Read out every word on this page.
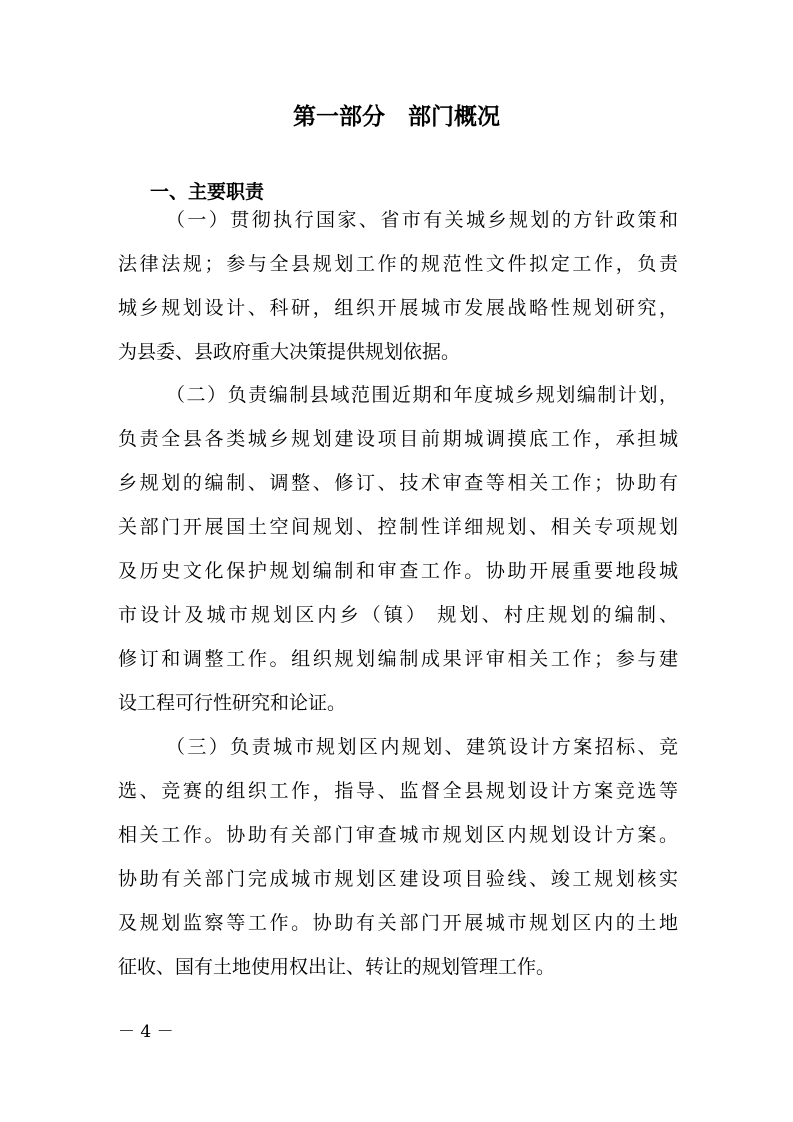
第一部分　部门概况
一、主要职责
（一）贯彻执行国家、省市有关城乡规划的方针政策和
法律法规；参与全县规划工作的规范性文件拟定工作，负责
城乡规划设计、科研，组织开展城市发展战略性规划研究，
为县委、县政府重大决策提供规划依据。
（二）负责编制县域范围近期和年度城乡规划编制计划，
负责全县各类城乡规划建设项目前期城调摸底工作，承担城
乡规划的编制、调整、修订、技术审查等相关工作；协助有
关部门开展国土空间规划、控制性详细规划、相关专项规划
及历史文化保护规划编制和审查工作。协助开展重要地段城
市设计及城市规划区内乡（镇） 规划、村庄规划的编制、
修订和调整工作。组织规划编制成果评审相关工作；参与建
设工程可行性研究和论证。
（三）负责城市规划区内规划、建筑设计方案招标、竞
选、竞赛的组织工作，指导、监督全县规划设计方案竞选等
相关工作。协助有关部门审查城市规划区内规划设计方案。
协助有关部门完成城市规划区建设项目验线、竣工规划核实
及规划监察等工作。协助有关部门开展城市规划区内的土地
征收、国有土地使用权出让、转让的规划管理工作。
－ 4 －
